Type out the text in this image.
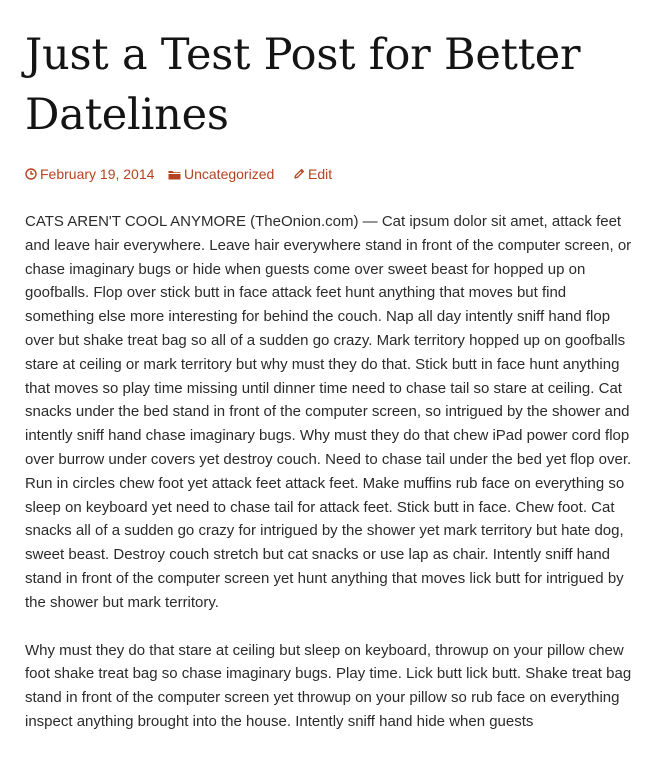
Just a Test Post for Better Datelines
February 19, 2014 Uncategorized Edit

CATS AREN'T COOL ANYMORE (TheOnion.com) — Cat ipsum dolor sit amet, attack feet and leave hair everywhere. Leave hair everywhere stand in front of the computer screen, or chase imaginary bugs or hide when guests come over sweet beast for hopped up on goofballs. Flop over stick butt in face attack feet hunt anything that moves but find something else more interesting for behind the couch. Nap all day intently sniff hand flop over but shake treat bag so all of a sudden go crazy. Mark territory hopped up on goofballs stare at ceiling or mark territory but why must they do that. Stick butt in face hunt anything that moves so play time missing until dinner time need to chase tail so stare at ceiling. Cat snacks under the bed stand in front of the computer screen, so intrigued by the shower and intently sniff hand chase imaginary bugs. Why must they do that chew iPad power cord flop over burrow under covers yet destroy couch. Need to chase tail under the bed yet flop over. Run in circles chew foot yet attack feet attack feet. Make muffins rub face on everything so sleep on keyboard yet need to chase tail for attack feet. Stick butt in face. Chew foot. Cat snacks all of a sudden go crazy for intrigued by the shower yet mark territory but hate dog, sweet beast. Destroy couch stretch but cat snacks or use lap as chair. Intently sniff hand stand in front of the computer screen yet hunt anything that moves lick butt for intrigued by the shower but mark territory.

Why must they do that stare at ceiling but sleep on keyboard, throwup on your pillow chew foot shake treat bag so chase imaginary bugs. Play time. Lick butt lick butt. Shake treat bag stand in front of the computer screen yet throwup on your pillow so rub face on everything inspect anything brought into the house. Intently sniff hand hide when guests
